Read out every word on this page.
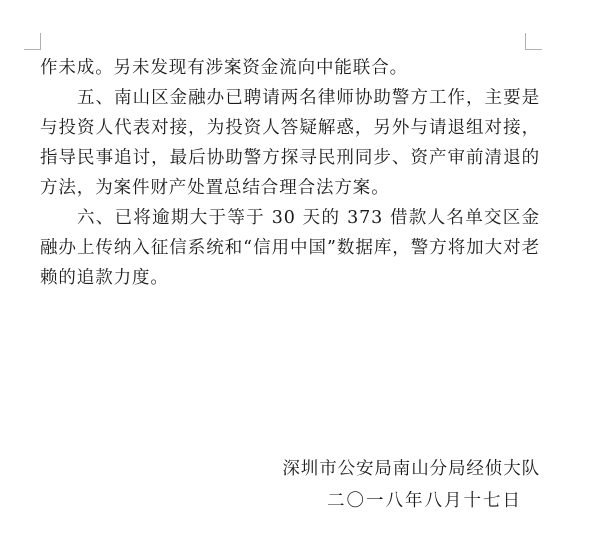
作未成。另未发现有涉案资金流向中能联合。

五、南山区金融办已聘请两名律师协助警方工作，主要是与投资人代表对接，为投资人答疑解惑，另外与请退组对接，指导民事追讨，最后协助警方探寻民刑同步、资产审前清退的方法，为案件财产处置总结合理合法方案。

六、已将逾期大于等于 30 天的 373 借款人名单交区金融办上传纳入征信系统和“信用中国”数据库，警方将加大对老赖的追款力度。

深圳市公安局南山分局经侦大队

二〇一八年八月十七日
